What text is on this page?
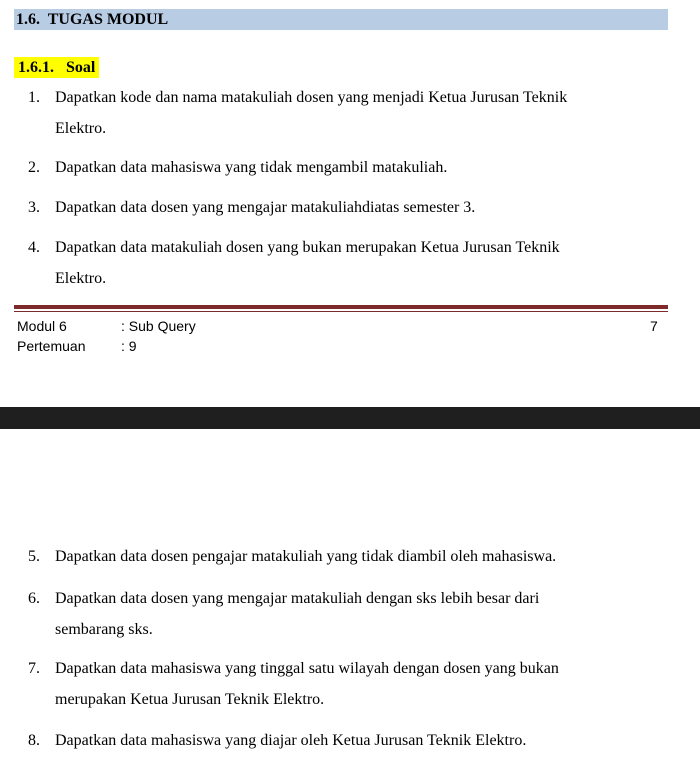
1.6.  TUGAS MODUL
1.6.1.   Soal
1. Dapatkan kode dan nama matakuliah dosen yang menjadi Ketua Jurusan Teknik
Elektro.
2. Dapatkan data mahasiswa yang tidak mengambil matakuliah.
3. Dapatkan data dosen yang mengajar matakuliahdiatas semester 3.
4. Dapatkan data matakuliah dosen yang bukan merupakan Ketua Jurusan Teknik
Elektro.
Modul 6	: Sub Query	7
Pertemuan	: 9
5. Dapatkan data dosen pengajar matakuliah yang tidak diambil oleh mahasiswa.
6. Dapatkan data dosen yang mengajar matakuliah dengan sks lebih besar dari
sembarang sks.
7. Dapatkan data mahasiswa yang tinggal satu wilayah dengan dosen yang bukan
merupakan Ketua Jurusan Teknik Elektro.
8. Dapatkan data mahasiswa yang diajar oleh Ketua Jurusan Teknik Elektro.
